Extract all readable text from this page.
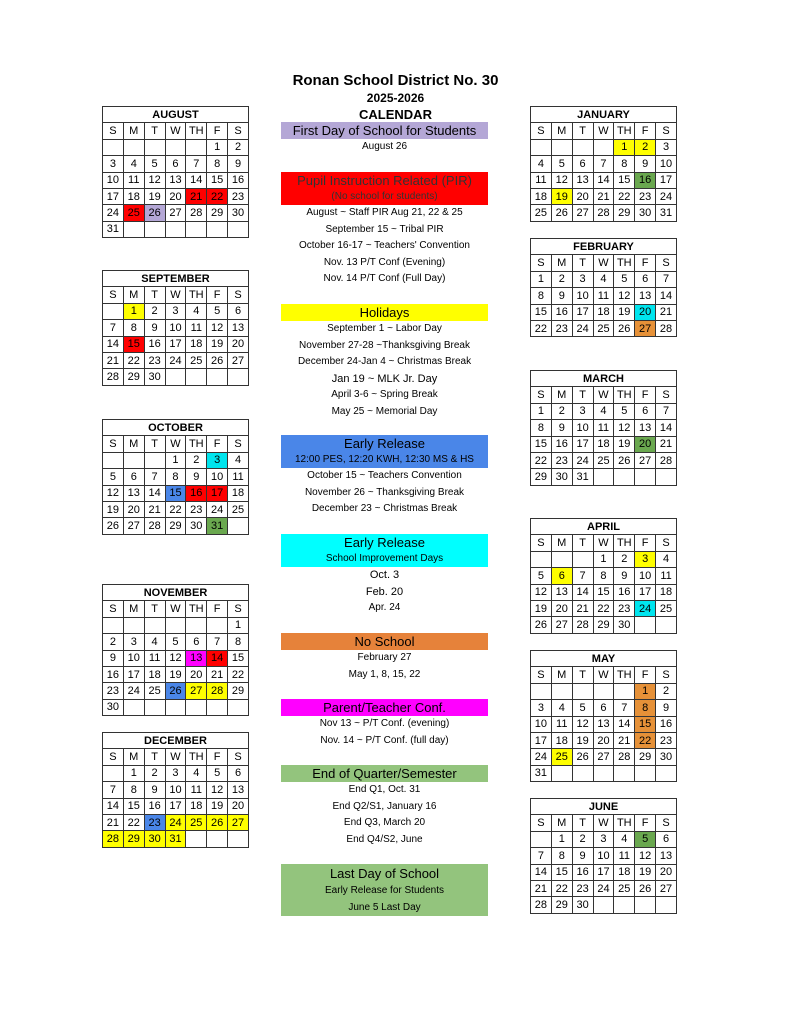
Ronan School District No. 30
2025-2026
CALENDAR
AUGUST						
S	M	T	W	TH	F	S
					1	2
3	4	5	6	7	8	9
10	11	12	13	14	15	16
17	18	19	20	21	22	23
24	25	26	27	28	29	30
31						
SEPTEMBER						
S	M	T	W	TH	F	S
	1	2	3	4	5	6
7	8	9	10	11	12	13
14	15	16	17	18	19	20
21	22	23	24	25	26	27
28	29	30				
OCTOBER						
S	M	T	W	TH	F	S
			1	2	3	4
5	6	7	8	9	10	11
12	13	14	15	16	17	18
19	20	21	22	23	24	25
26	27	28	29	30	31	
NOVEMBER						
S	M	T	W	TH	F	S
						1
2	3	4	5	6	7	8
9	10	11	12	13	14	15
16	17	18	19	20	21	22
23	24	25	26	27	28	29
30						
DECEMBER						
S	M	T	W	TH	F	S
	1	2	3	4	5	6
7	8	9	10	11	12	13
14	15	16	17	18	19	20
21	22	23	24	25	26	27
28	29	30	31			
JANUARY						
S	M	T	W	TH	F	S
				1	2	3
4	5	6	7	8	9	10
11	12	13	14	15	16	17
18	19	20	21	22	23	24
25	26	27	28	29	30	31
FEBRUARY						
S	M	T	W	TH	F	S
1	2	3	4	5	6	7
8	9	10	11	12	13	14
15	16	17	18	19	20	21
22	23	24	25	26	27	28
MARCH						
S	M	T	W	TH	F	S
1	2	3	4	5	6	7
8	9	10	11	12	13	14
15	16	17	18	19	20	21
22	23	24	25	26	27	28
29	30	31				
APRIL						
S	M	T	W	TH	F	S
			1	2	3	4
5	6	7	8	9	10	11
12	13	14	15	16	17	18
19	20	21	22	23	24	25
26	27	28	29	30		
MAY						
S	M	T	W	TH	F	S
					1	2
3	4	5	6	7	8	9
10	11	12	13	14	15	16
17	18	19	20	21	22	23
24	25	26	27	28	29	30
31						
JUNE						
S	M	T	W	TH	F	S
	1	2	3	4	5	6
7	8	9	10	11	12	13
14	15	16	17	18	19	20
21	22	23	24	25	26	27
28	29	30				
First Day of School for Students
August 26
Pupil Instruction Related (PIR)
(No school for students)
August ~ Staff PIR Aug 21, 22 & 25
September 15 ~ Tribal PIR
October 16-17 ~ Teachers' Convention
Nov. 13 P/T Conf (Evening)
Nov. 14 P/T Conf (Full Day)
Holidays
September 1 ~ Labor Day
November 27-28 ~Thanksgiving Break
December 24-Jan 4 ~ Christmas Break
Jan 19 ~ MLK Jr. Day
April 3-6 ~ Spring Break
May 25 ~ Memorial Day
Early Release
12:00 PES, 12:20 KWH, 12:30 MS & HS
October 15 ~ Teachers Convention
November 26 ~ Thanksgiving Break
December 23 ~ Christmas Break
Early Release
School Improvement Days
Oct. 3
Feb. 20
Apr. 24
No School
February 27
May 1, 8, 15, 22
Parent/Teacher Conf.
Nov 13 ~ P/T Conf. (evening)
Nov. 14 ~ P/T Conf. (full day)
End of Quarter/Semester
End Q1, Oct. 31
End Q2/S1, January 16
End Q3, March 20
End Q4/S2, June
Last Day of School
Early Release for Students
June 5 Last Day
